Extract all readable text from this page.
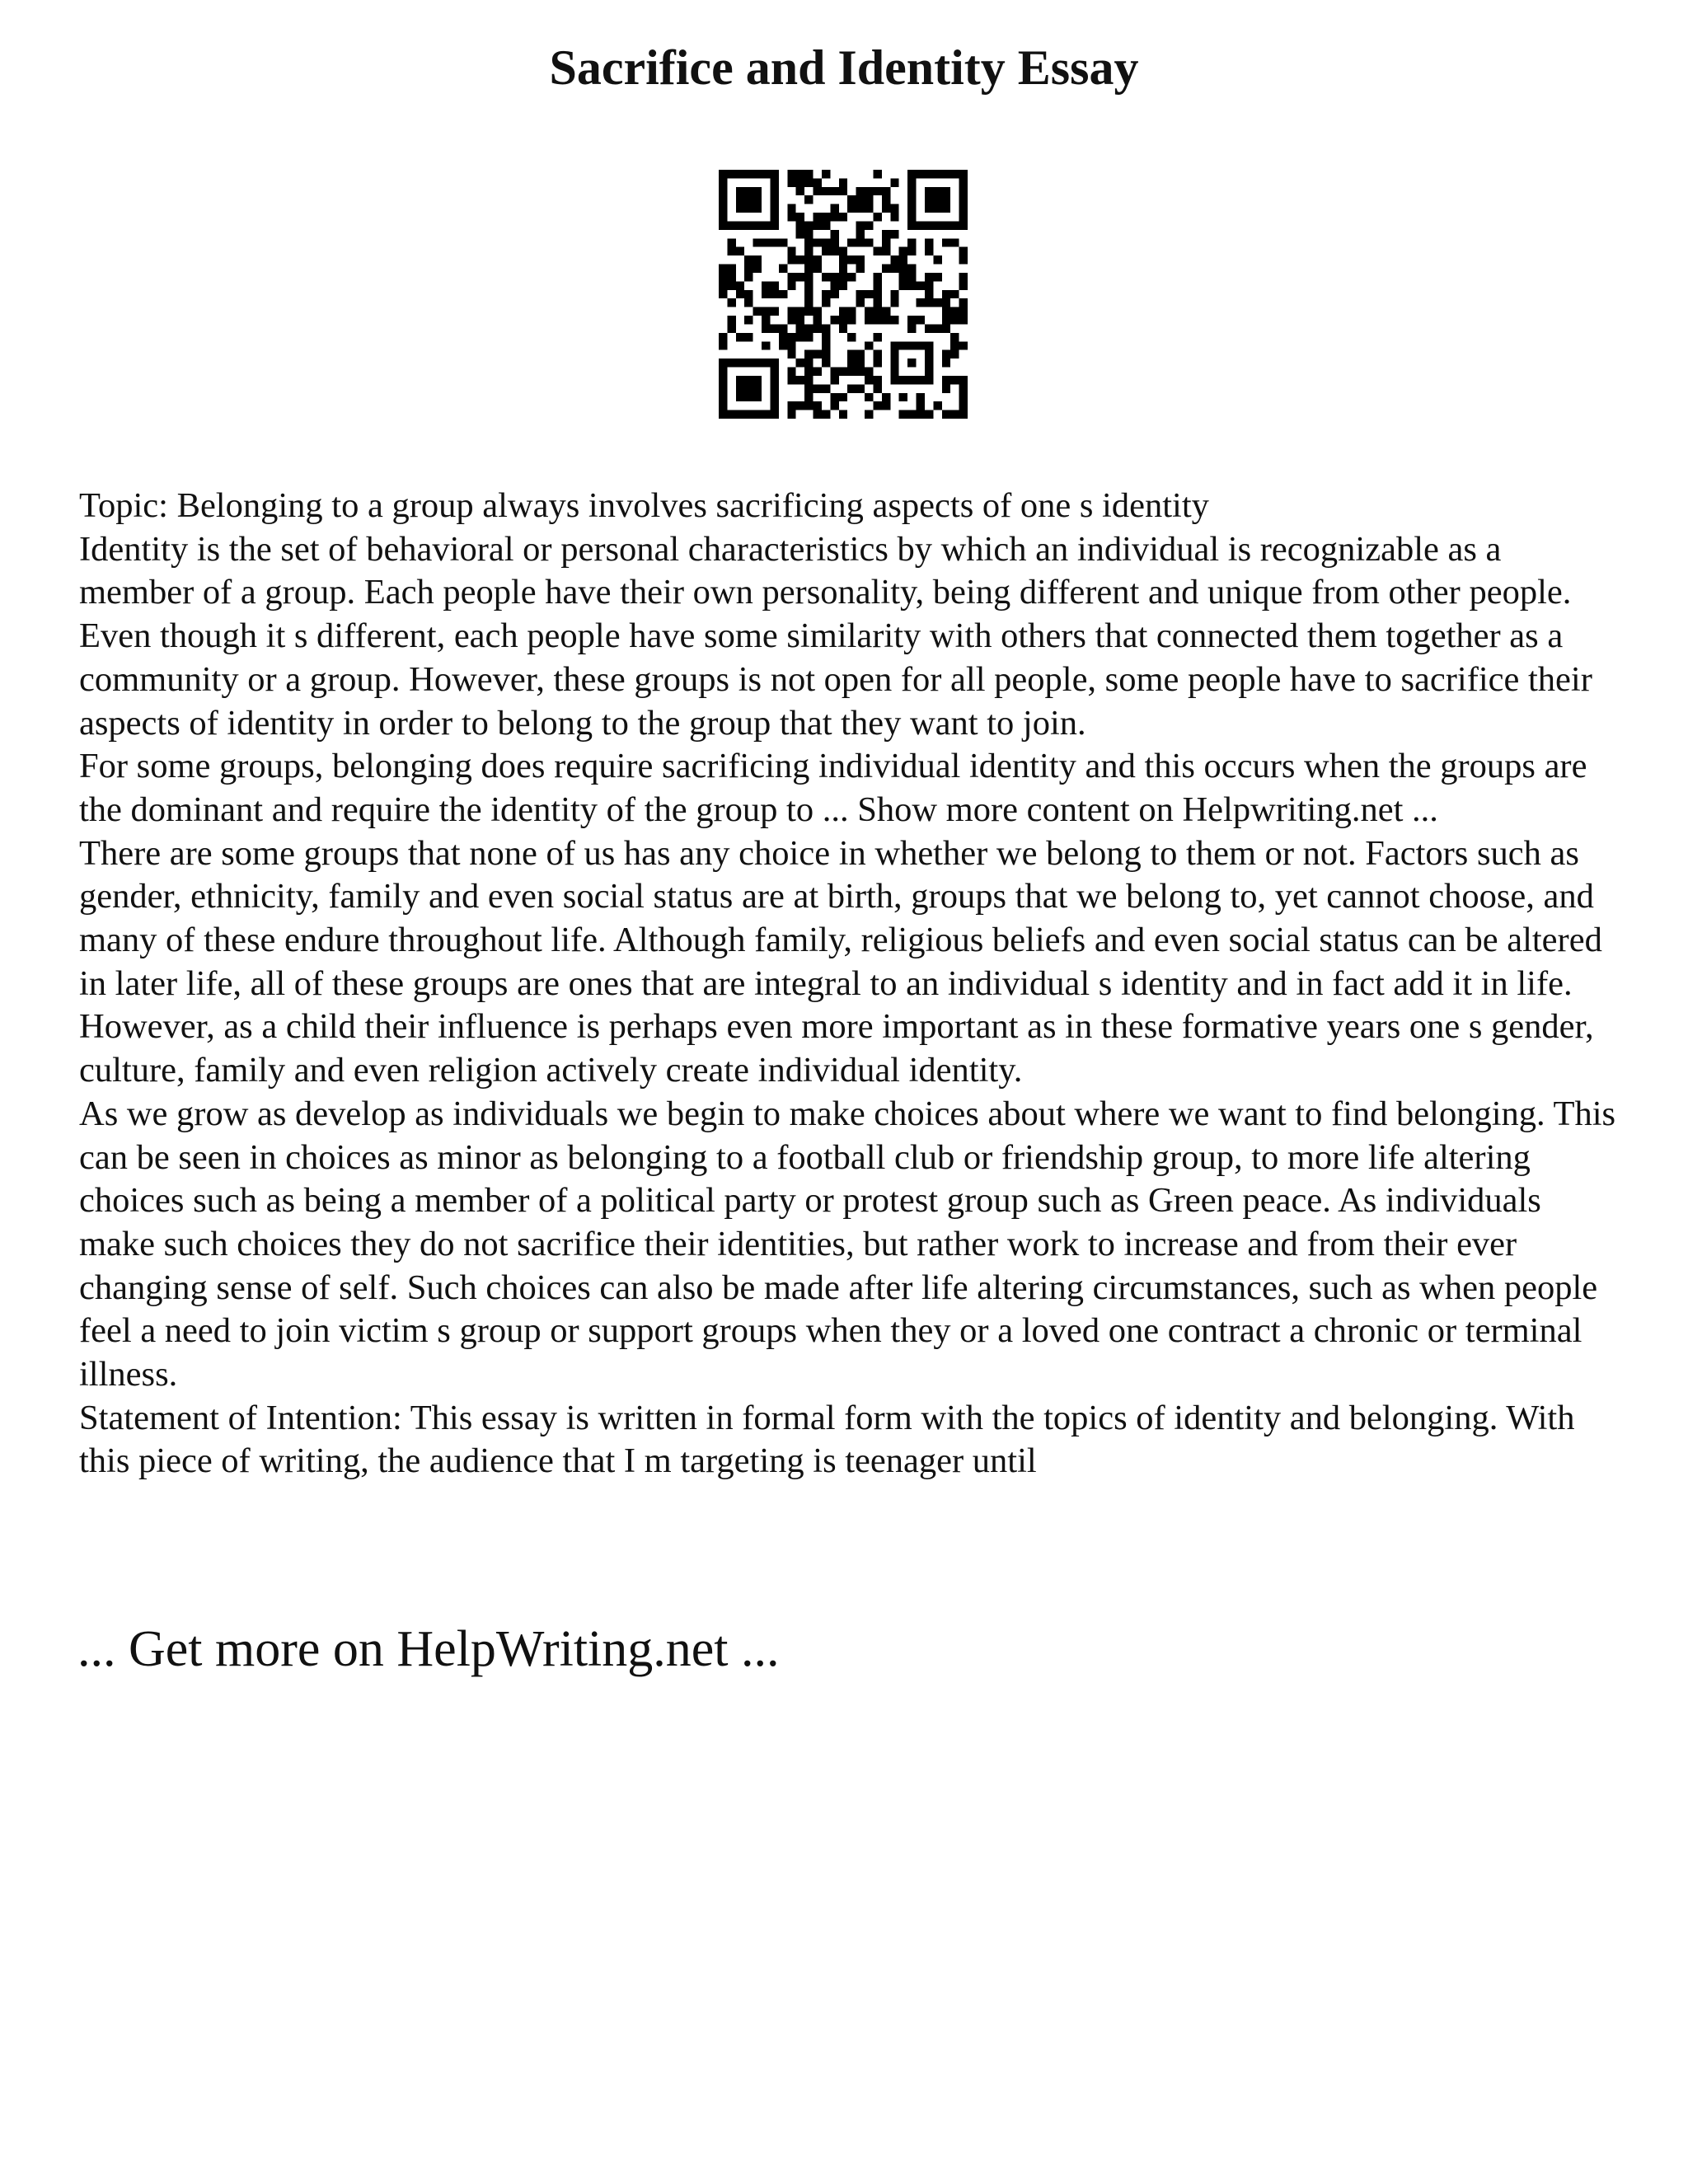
Sacrifice and Identity Essay

Topic: Belonging to a group always involves sacrificing aspects of one s identity

Identity is the set of behavioral or personal characteristics by which an individual is recognizable as a member of a group. Each people have their own personality, being different and unique from other people. Even though it s different, each people have some similarity with others that connected them together as a community or a group. However, these groups is not open for all people, some people have to sacrifice their aspects of identity in order to belong to the group that they want to join.

For some groups, belonging does require sacrificing individual identity and this occurs when the groups are the dominant and require the identity of the group to ... Show more content on Helpwriting.net ...

There are some groups that none of us has any choice in whether we belong to them or not. Factors such as gender, ethnicity, family and even social status are at birth, groups that we belong to, yet cannot choose, and many of these endure throughout life. Although family, religious beliefs and even social status can be altered in later life, all of these groups are ones that are integral to an individual s identity and in fact add it in life. However, as a child their influence is perhaps even more important as in these formative years one s gender, culture, family and even religion actively create individual identity.

As we grow as develop as individuals we begin to make choices about where we want to find belonging. This can be seen in choices as minor as belonging to a football club or friendship group, to more life altering choices such as being a member of a political party or protest group such as Green peace. As individuals make such choices they do not sacrifice their identities, but rather work to increase and from their ever changing sense of self. Such choices can also be made after life altering circumstances, such as when people feel a need to join victim s group or support groups when they or a loved one contract a chronic or terminal illness.

Statement of Intention: This essay is written in formal form with the topics of identity and belonging. With this piece of writing, the audience that I m targeting is teenager until

... Get more on HelpWriting.net ...
